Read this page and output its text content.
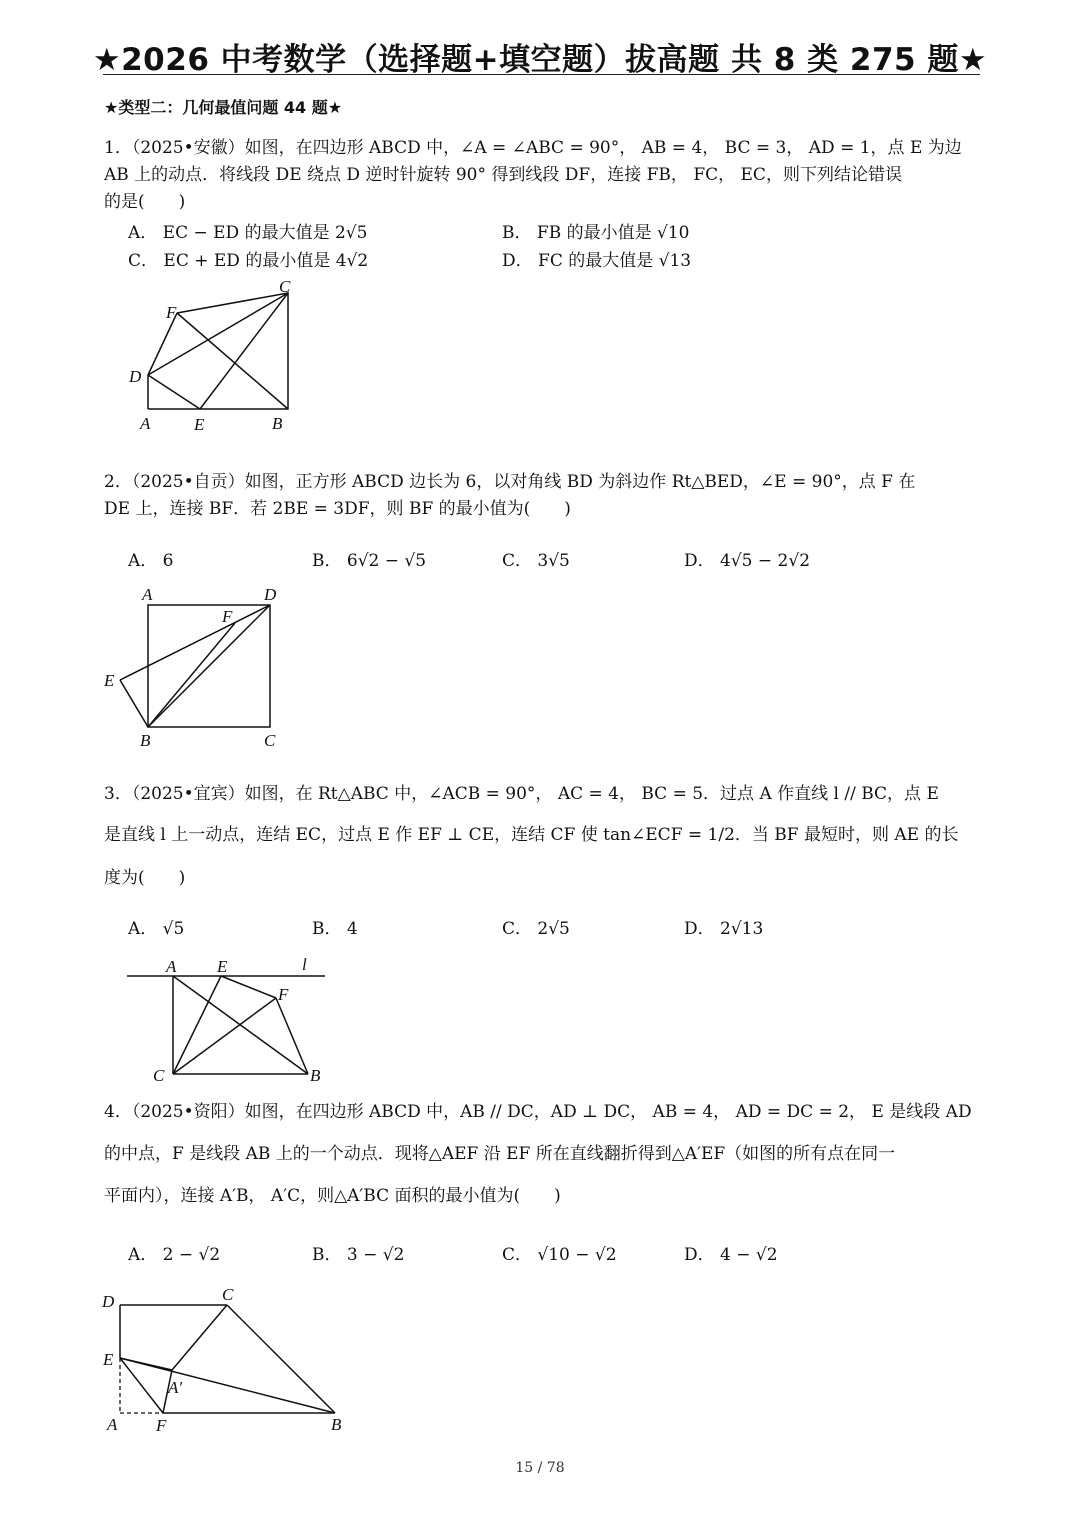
★2026 中考数学（选择题+填空题）拔高题 共 8 类 275 题★
★类型二：几何最值问题 44 题★
1．（2025•安徽）如图，在四边形 ABCD 中，∠A = ∠ABC = 90°， AB = 4， BC = 3， AD = 1，点 E 为边
AB 上的动点．将线段 DE 绕点 D 逆时针旋转 90° 得到线段 DF，连接 FB， FC， EC，则下列结论错误
的是(　　)
A． EC − ED 的最大值是 2√5	B． FB 的最小值是 √10
C． EC + ED 的最小值是 4√2	D． FC 的最大值是 √13
A	B
C
D
E
F
2．（2025•自贡）如图，正方形 ABCD 边长为 6，以对角线 BD 为斜边作 Rt△BED，∠E = 90°，点 F 在
DE 上，连接 BF．若 2BE = 3DF，则 BF 的最小值为(　　)
A． 6	B． 6√2 − √5	C． 3√5	D． 4√5 − 2√2
A	D
F
E
B	C
3．（2025•宜宾）如图，在 Rt△ABC 中，∠ACB = 90°， AC = 4， BC = 5．过点 A 作直线 l // BC，点 E
是直线 l 上一动点，连结 EC，过点 E 作 EF ⊥ CE，连结 CF 使 tan∠ECF = 1/2．当 BF 最短时，则 AE 的长
度为(　　)
A． √5	B． 4	C． 2√5	D． 2√13
A E	l
F
C	B
4．（2025•资阳）如图，在四边形 ABCD 中，AB // DC，AD ⊥ DC， AB = 4， AD = DC = 2， E 是线段 AD
的中点，F 是线段 AB 上的一个动点．现将△AEF 沿 EF 所在直线翻折得到△A′EF（如图的所有点在同一
平面内），连接 A′B， A′C，则△A′BC 面积的最小值为(　　)
A． 2 − √2	B． 3 − √2	C． √10 − √2	D． 4 − √2
D	C
E
A′
A F	B
15 / 78
